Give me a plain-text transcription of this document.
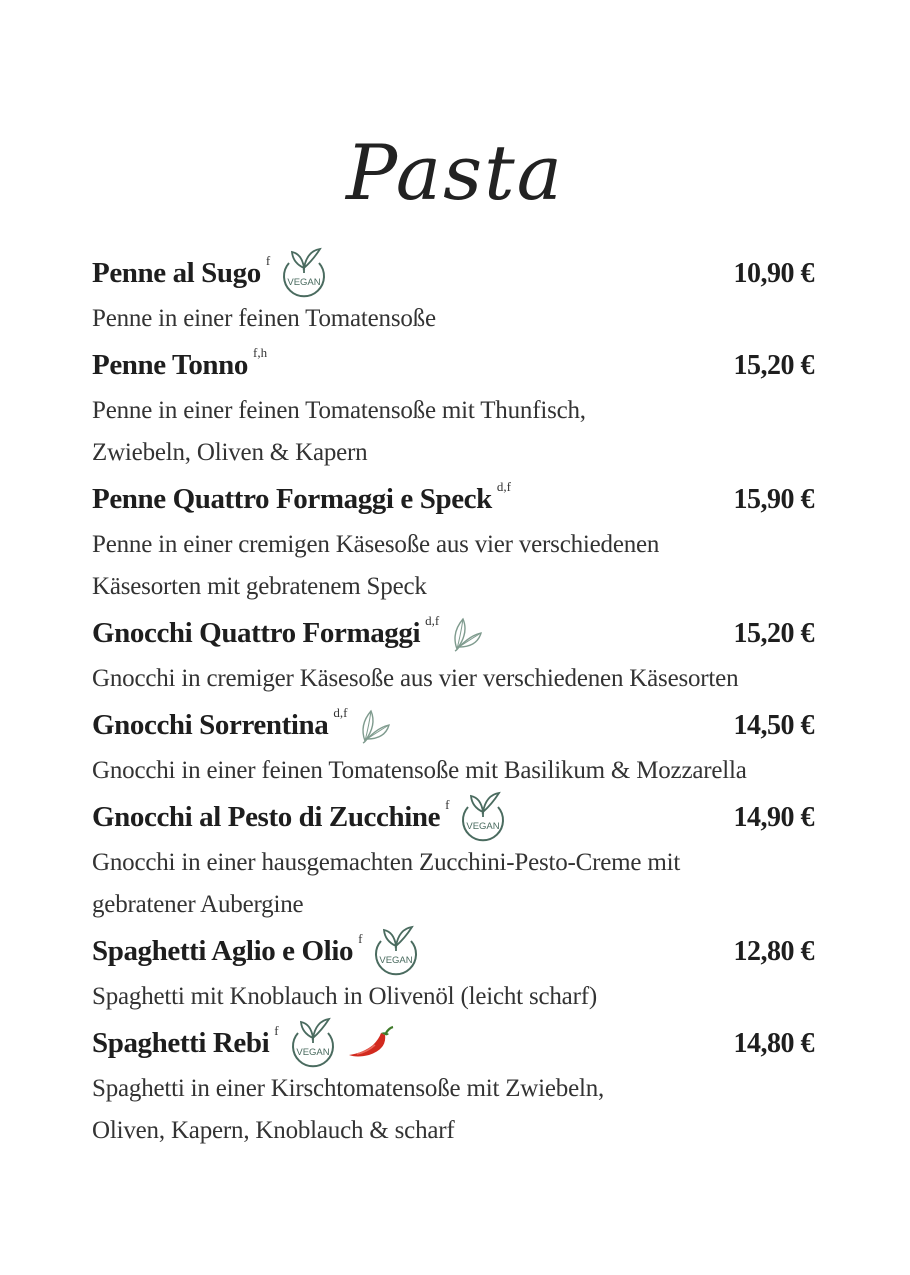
Pasta
Penne al Sugo f
VEGAN	10,90 €
Penne in einer feinen Tomatensoße
Penne Tonno f,h	15,20 €
Penne in einer feinen Tomatensoße mit Thunfisch,
Zwiebeln, Oliven & Kapern
Penne Quattro Formaggi e Speck d,f	15,90 €
Penne in einer cremigen Käsesoße aus vier verschiedenen
Käsesorten mit gebratenem Speck
Gnocchi Quattro Formaggi d,f	15,20 €
Gnocchi in cremiger Käsesoße aus vier verschiedenen Käsesorten
Gnocchi Sorrentina d,f	14,50 €
Gnocchi in einer feinen Tomatensoße mit Basilikum & Mozzarella
Gnocchi al Pesto di Zucchine f
VEGAN	14,90 €
Gnocchi in einer hausgemachten Zucchini-Pesto-Creme mit
gebratener Aubergine
Spaghetti Aglio e Olio f
VEGAN	12,80 €
Spaghetti mit Knoblauch in Olivenöl (leicht scharf)
Spaghetti Rebi f
VEGAN	14,80 €
Spaghetti in einer Kirschtomatensoße mit Zwiebeln,
Oliven, Kapern, Knoblauch & scharf
